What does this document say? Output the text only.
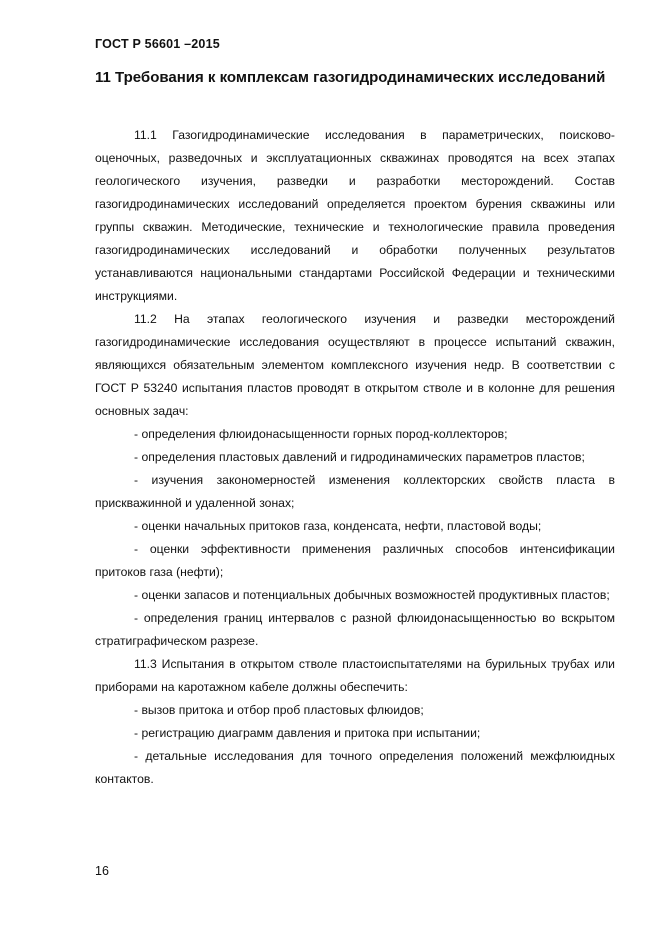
ГОСТ Р 56601 –2015
11 Требования к комплексам газогидродинамических исследований

11.1 Газогидродинамические исследования в параметрических, поисково-оценочных, разведочных и эксплуатационных скважинах проводятся на всех этапах геологического изучения, разведки и разработки месторождений. Состав газогидродинамических исследований определяется проектом бурения скважины или группы скважин. Методические, технические и технологические правила проведения газогидродинамических исследований и обработки полученных результатов устанавливаются национальными стандартами Российской Федерации и техническими инструкциями.

11.2 На этапах геологического изучения и разведки месторождений газогидродинамические исследования осуществляют в процессе испытаний скважин, являющихся обязательным элементом комплексного изучения недр. В соответствии с ГОСТ Р 53240 испытания пластов проводят в открытом стволе и в колонне для решения основных задач:

- определения флюидонасыщенности горных пород-коллекторов;

- определения пластовых давлений и гидродинамических параметров пластов;

- изучения закономерностей изменения коллекторских свойств пласта в прискважинной и удаленной зонах;

- оценки начальных притоков газа, конденсата, нефти, пластовой воды;

- оценки эффективности применения различных способов интенсификации притоков газа (нефти);

- оценки запасов и потенциальных добычных возможностей продуктивных пластов;

- определения границ интервалов с разной флюидонасыщенностью во вскрытом стратиграфическом разрезе.

11.3 Испытания в открытом стволе пластоиспытателями на бурильных трубах или приборами на каротажном кабеле должны обеспечить:

- вызов притока и отбор проб пластовых флюидов;

- регистрацию диаграмм давления и притока при испытании;

- детальные исследования для точного определения положений межфлюидных контактов.

16
